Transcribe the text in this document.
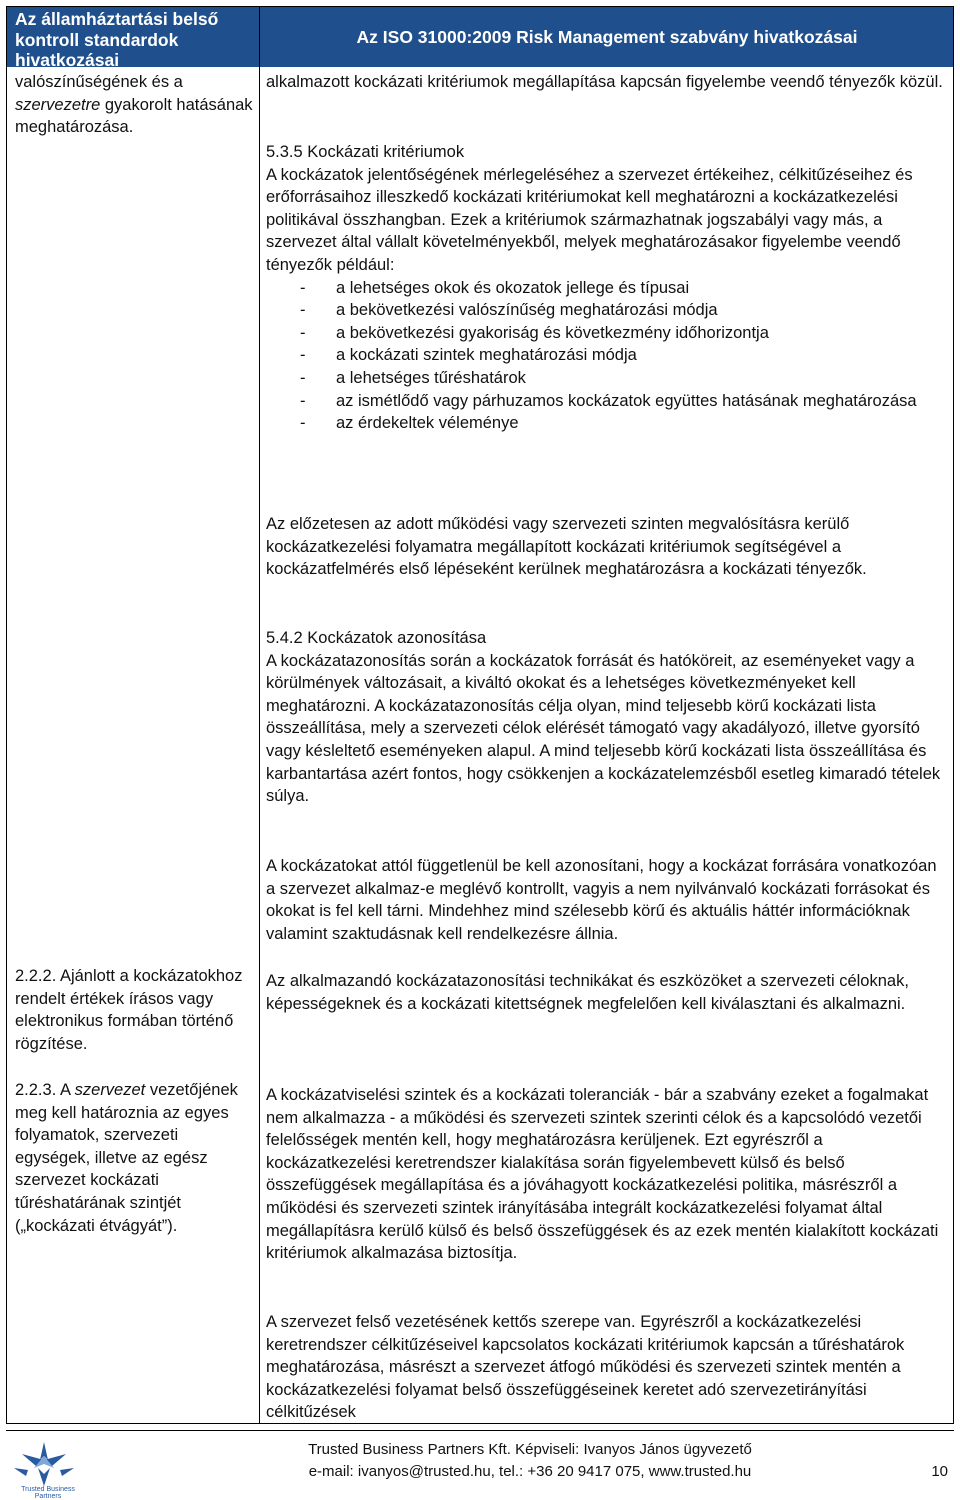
Az államháztartási belső kontroll standardok hivatkozásai
Az ISO 31000:2009 Risk Management szabvány hivatkozásai
valószínűségének és a szervezetre gyakorolt hatásának meghatározása.
2.2.2. Ajánlott a kockázatokhoz rendelt értékek írásos vagy elektronikus formában történő rögzítése.
2.2.3. A szervezet vezetőjének meg kell határoznia az egyes folyamatok, szervezeti egységek, illetve az egész szervezet kockázati tűréshatárának szintjét („kockázati étvágyát”).

alkalmazott kockázati kritériumok megállapítása kapcsán figyelembe veendő tényezők közül.

5.3.5 Kockázati kritériumok

A kockázatok jelentőségének mérlegeléséhez a szervezet értékeihez, célkitűzéseihez és erőforrásaihoz illeszkedő kockázati kritériumokat kell meghatározni a kockázatkezelési politikával összhangban. Ezek a kritériumok származhatnak jogszabályi vagy más, a szervezet által vállalt követelményekből, melyek meghatározásakor figyelembe veendő tényezők például:

- a lehetséges okok és okozatok jellege és típusai
- a bekövetkezési valószínűség meghatározási módja
- a bekövetkezési gyakoriság és következmény időhorizontja
- a kockázati szintek meghatározási módja
- a lehetséges tűréshatárok
- az ismétlődő vagy párhuzamos kockázatok együttes hatásának meghatározása
- az érdekeltek véleménye

Az előzetesen az adott működési vagy szervezeti szinten megvalósításra kerülő kockázatkezelési folyamatra megállapított kockázati kritériumok segítségével a kockázatfelmérés első lépéseként kerülnek meghatározásra a kockázati tényezők.

5.4.2 Kockázatok azonosítása

A kockázatazonosítás során a kockázatok forrását és hatóköreit, az eseményeket vagy a körülmények változásait, a kiváltó okokat és a lehetséges következményeket kell meghatározni. A kockázatazonosítás célja olyan, mind teljesebb körű kockázati lista összeállítása, mely a szervezeti célok elérését támogató vagy akadályozó, illetve gyorsító vagy késleltető eseményeken alapul. A mind teljesebb körű kockázati lista összeállítása és karbantartása azért fontos, hogy csökkenjen a kockázatelemzésből esetleg kimaradó tételek súlya.

A kockázatokat attól függetlenül be kell azonosítani, hogy a kockázat forrására vonatkozóan a szervezet alkalmaz-e meglévő kontrollt, vagyis a nem nyilvánvaló kockázati forrásokat és okokat is fel kell tárni. Mindehhez mind szélesebb körű és aktuális háttér információknak valamint szaktudásnak kell rendelkezésre állnia.

Az alkalmazandó kockázatazonosítási technikákat és eszközöket a szervezeti céloknak, képességeknek és a kockázati kitettségnek megfelelően kell kiválasztani és alkalmazni.

A kockázatviselési szintek és a kockázati toleranciák - bár a szabvány ezeket a fogalmakat nem alkalmazza - a működési és szervezeti szintek szerinti célok és a kapcsolódó vezetői felelősségek mentén kell, hogy meghatározásra kerüljenek. Ezt egyrészről a kockázatkezelési keretrendszer kialakítása során figyelembevett külső és belső összefüggések megállapítása és a jóváhagyott kockázatkezelési politika, másrészről a működési és szervezeti szintek irányításába integrált kockázatkezelési folyamat által megállapításra kerülő külső és belső összefüggések és az ezek mentén kialakított kockázati kritériumok alkalmazása biztosítja.

A szervezet felső vezetésének kettős szerepe van. Egyrészről a kockázatkezelési keretrendszer célkitűzéseivel kapcsolatos kockázati kritériumok kapcsán a tűréshatárok meghatározása, másrészt a szervezet átfogó működési és szervezeti szintek mentén a kockázatkezelési folyamat belső összefüggéseinek keretet adó szervezetirányítási célkitűzések

Trusted Business Partners
Trusted Business Partners Kft. Képviseli: Ivanyos János ügyvezető
e-mail: ivanyos@trusted.hu, tel.: +36 20 9417 075, www.trusted.hu	10
